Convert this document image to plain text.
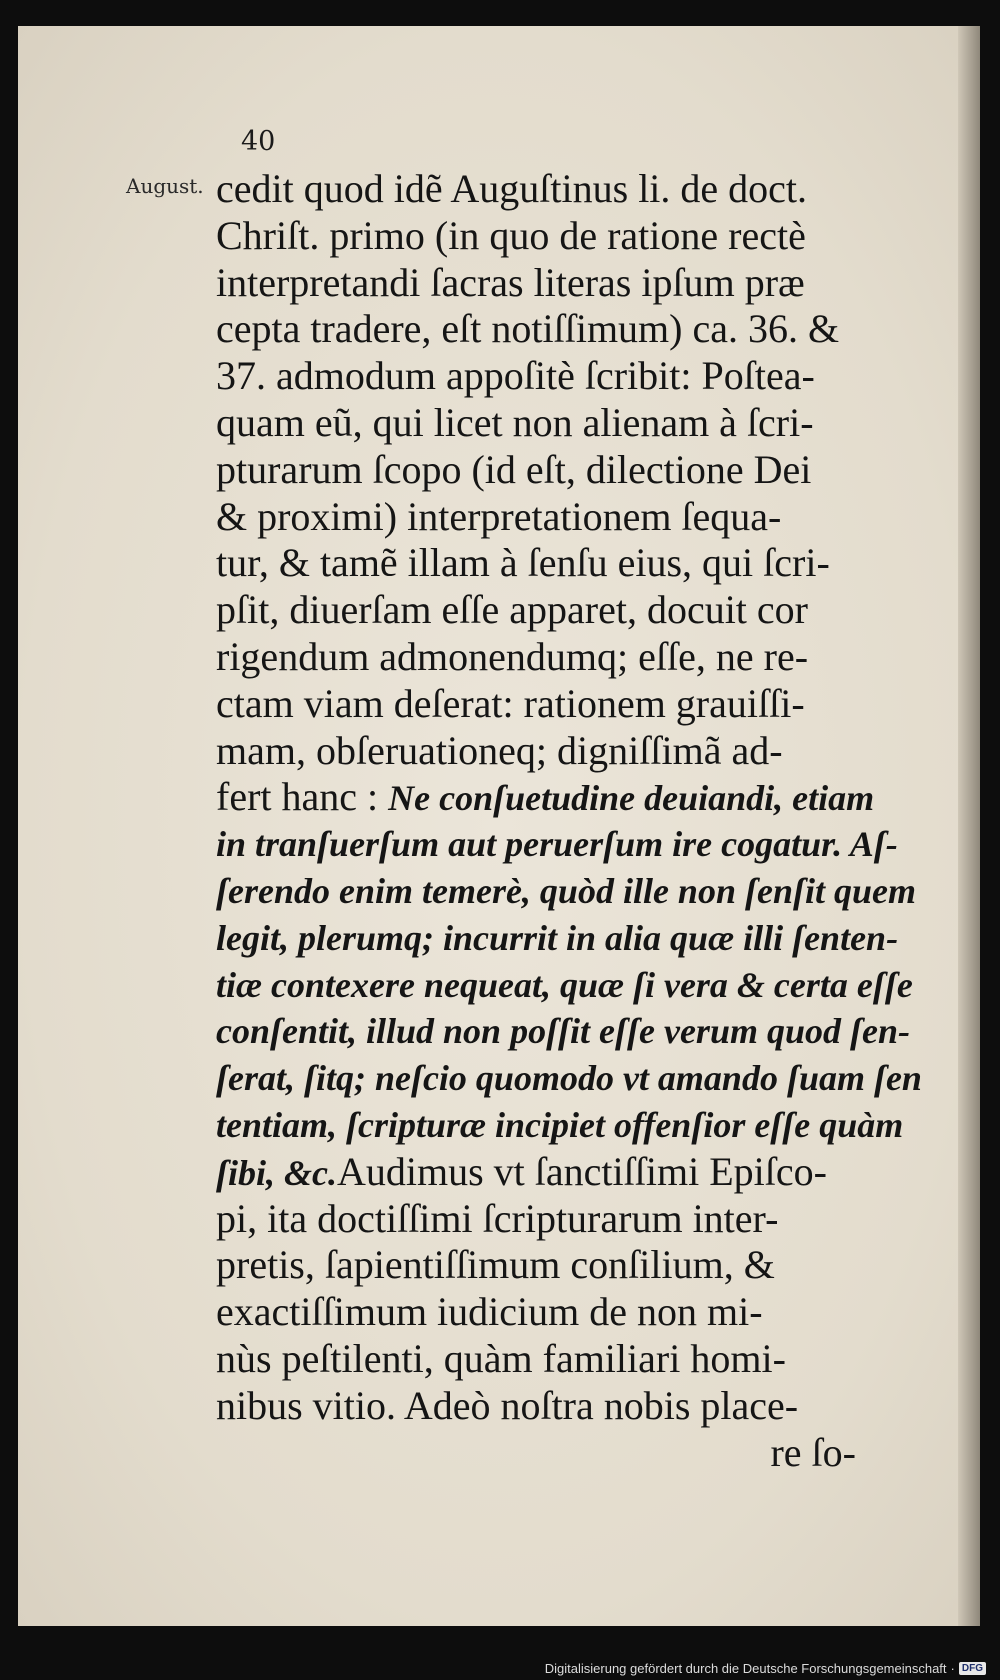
40
August. cedit quod idẽ Auguſtinus li. de doct.
Chriſt. primo (in quo de ratione rectè
interpretandi ſacras literas ipſum præ
cepta tradere, eſt notiſſimum) ca. 36. &
37. admodum appoſitè ſcribit: Poſtea-
quam eũ, qui licet non alienam à ſcri-
pturarum ſcopo (id eſt, dilectione Dei
& proximi) interpretationem ſequa-
tur, & tamẽ illam à ſenſu eius, qui ſcri-
pſit, diuerſam eſſe apparet, docuit cor
rigendum admonendumq; eſſe, ne re-
ctam viam deſerat: rationem grauiſſi-
mam, obſeruationeq; digniſſimã ad-
fert hanc : Ne conſuetudine deuiandi, etiam
in tranſuerſum aut peruerſum ire cogatur. Aſ-
ſerendo enim temerè, quòd ille non ſenſit quem
legit, plerumq; incurrit in alia quæ illi ſenten-
tiæ contexere nequeat, quæ ſi vera & certa eſſe
conſentit, illud non poſſit eſſe verum quod ſen-
ſerat, ſitq; neſcio quomodo vt amando ſuam ſen
tentiam, ſcripturæ incipiet offenſior eſſe quàm
ſibi, &c.Audimus vt ſanctiſſimi Epiſco-
pi, ita doctiſſimi ſcripturarum inter-
pretis, ſapientiſſimum conſilium, &
exactiſſimum iudicium de non mi-
nùs peſtilenti, quàm familiari homi-
nibus vitio. Adeò noſtra nobis place-
re ſo-
Digitalisierung gefördert durch die Deutsche Forschungsgemeinschaft · DFG
